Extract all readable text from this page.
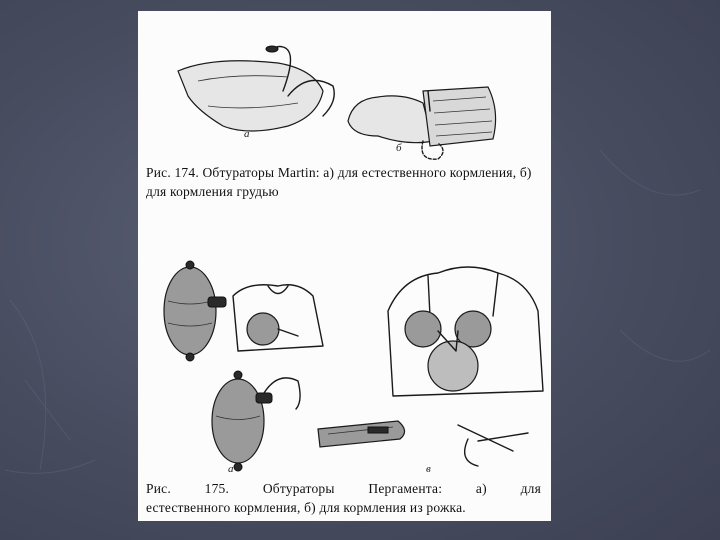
а
б
а	в
Рис. 174. Обтураторы Martin: а) для естественного кормления, б) для кормления грудью
Рис.	175.	Обтураторы	Пергамента:	а)	для
естественного кормления, б) для кормления из рожка.
